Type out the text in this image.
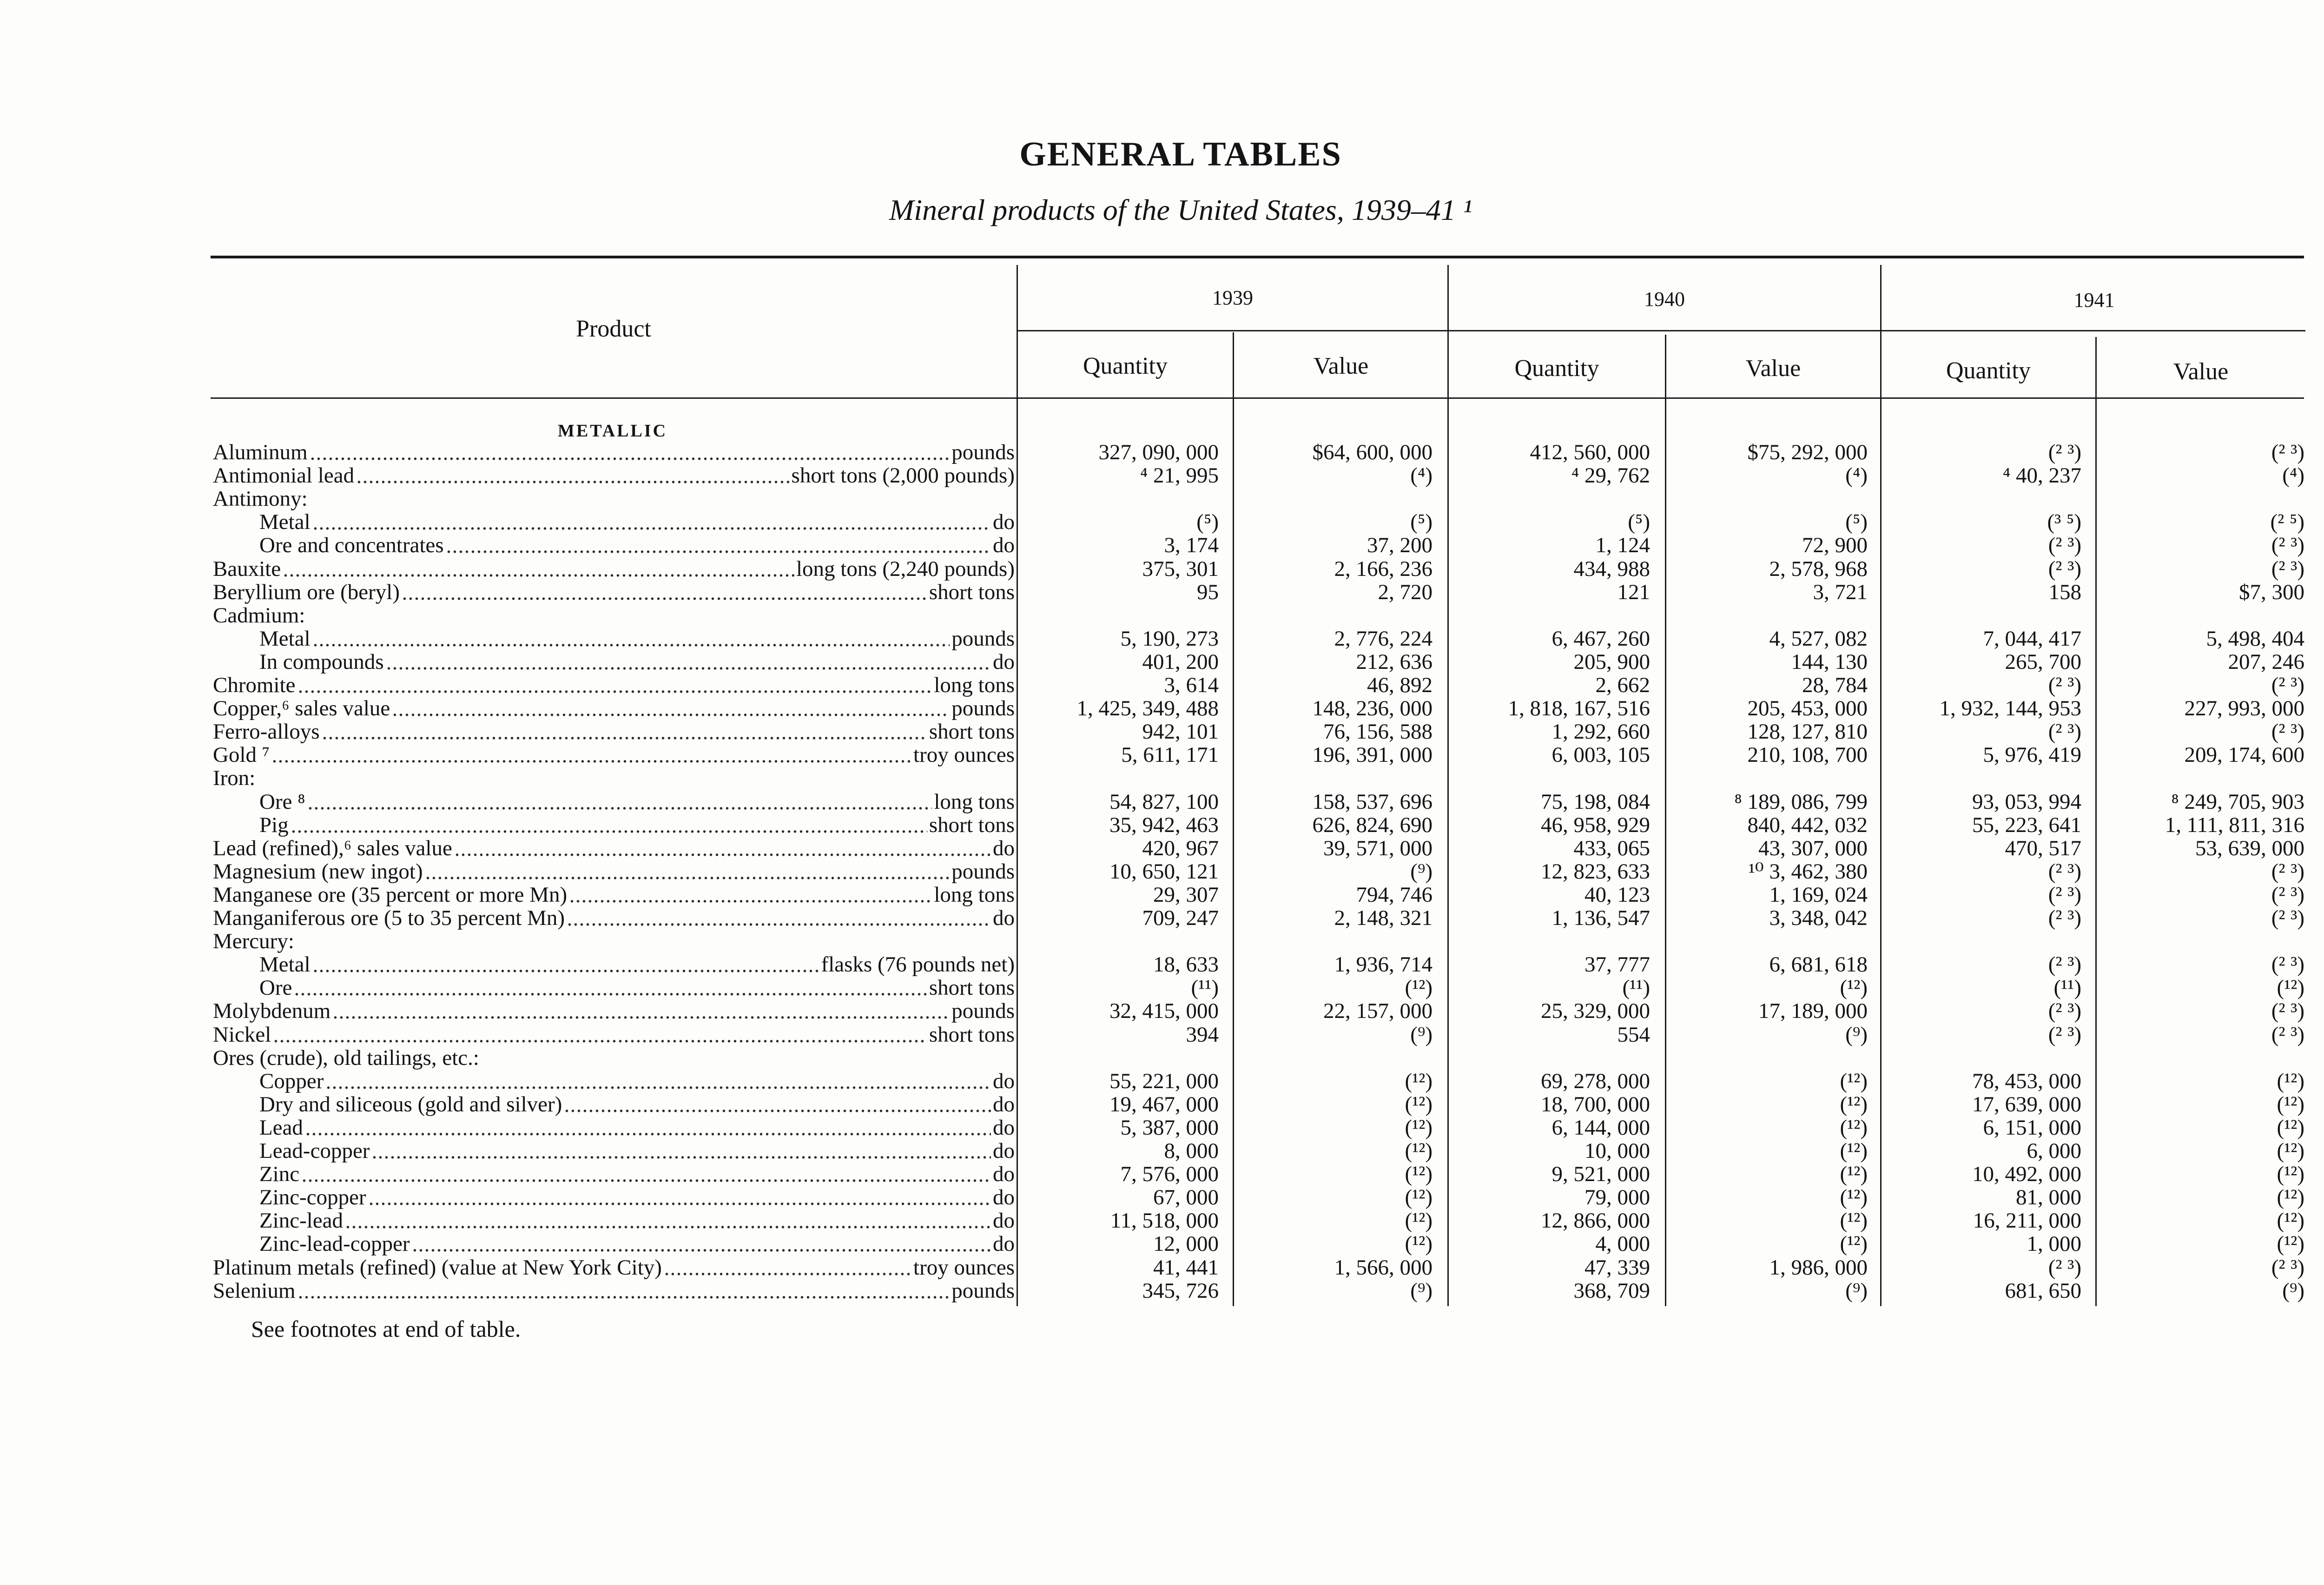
GENERAL TABLES
Mineral products of the United States, 1939–41 ¹
Product
1939	1940	1941
Quantity	Value	Quantity	Value	Quantity	Value
METALLIC
Aluminum	pounds	327, 090, 000	$64, 600, 000	412, 560, 000	$75, 292, 000	(² ³)	(² ³)
Antimonial lead	short tons (2,000 pounds)	⁴ 21, 995	(⁴)	⁴ 29, 762	(⁴)	⁴ 40, 237	(⁴)
Antimony:
Metal	do	(⁵)	(⁵)	(⁵)	(⁵)	(³ ⁵)	(² ⁵)
Ore and concentrates	do	3, 174	37, 200	1, 124	72, 900	(² ³)	(² ³)
Bauxite	long tons (2,240 pounds)	375, 301	2, 166, 236	434, 988	2, 578, 968	(² ³)	(² ³)
Beryllium ore (beryl)	short tons	95	2, 720	121	3, 721	158	$7, 300
Cadmium:
Metal	pounds	5, 190, 273	2, 776, 224	6, 467, 260	4, 527, 082	7, 044, 417	5, 498, 404
In compounds	do	401, 200	212, 636	205, 900	144, 130	265, 700	207, 246
Chromite	long tons	3, 614	46, 892	2, 662	28, 784	(² ³)	(² ³)
Copper,⁶ sales value	pounds	1, 425, 349, 488	148, 236, 000	1, 818, 167, 516	205, 453, 000	1, 932, 144, 953	227, 993, 000
Ferro-alloys	short tons	942, 101	76, 156, 588	1, 292, 660	128, 127, 810	(² ³)	(² ³)
Gold ⁷	troy ounces	5, 611, 171	196, 391, 000	6, 003, 105	210, 108, 700	5, 976, 419	209, 174, 600
Iron:
Ore ⁸	long tons	54, 827, 100	158, 537, 696	75, 198, 084	⁸ 189, 086, 799	93, 053, 994	⁸ 249, 705, 903
Pig	short tons	35, 942, 463	626, 824, 690	46, 958, 929	840, 442, 032	55, 223, 641	1, 111, 811, 316
Lead (refined),⁶ sales value	do	420, 967	39, 571, 000	433, 065	43, 307, 000	470, 517	53, 639, 000
Magnesium (new ingot)	pounds	10, 650, 121	(⁹)	12, 823, 633	¹⁰ 3, 462, 380	(² ³)	(² ³)
Manganese ore (35 percent or more Mn)	long tons	29, 307	794, 746	40, 123	1, 169, 024	(² ³)	(² ³)
Manganiferous ore (5 to 35 percent Mn)	do	709, 247	2, 148, 321	1, 136, 547	3, 348, 042	(² ³)	(² ³)
Mercury:
Metal	flasks (76 pounds net)	18, 633	1, 936, 714	37, 777	6, 681, 618	(² ³)	(² ³)
Ore	short tons	(¹¹)	(¹²)	(¹¹)	(¹²)	(¹¹)	(¹²)
Molybdenum	pounds	32, 415, 000	22, 157, 000	25, 329, 000	17, 189, 000	(² ³)	(² ³)
Nickel	short tons	394	(⁹)	554	(⁹)	(² ³)	(² ³)
Ores (crude), old tailings, etc.:
Copper	do	55, 221, 000	(¹²)	69, 278, 000	(¹²)	78, 453, 000	(¹²)
Dry and siliceous (gold and silver)	do	19, 467, 000	(¹²)	18, 700, 000	(¹²)	17, 639, 000	(¹²)
Lead	do	5, 387, 000	(¹²)	6, 144, 000	(¹²)	6, 151, 000	(¹²)
Lead-copper	do	8, 000	(¹²)	10, 000	(¹²)	6, 000	(¹²)
Zinc	do	7, 576, 000	(¹²)	9, 521, 000	(¹²)	10, 492, 000	(¹²)
Zinc-copper	do	67, 000	(¹²)	79, 000	(¹²)	81, 000	(¹²)
Zinc-lead	do	11, 518, 000	(¹²)	12, 866, 000	(¹²)	16, 211, 000	(¹²)
Zinc-lead-copper	do	12, 000	(¹²)	4, 000	(¹²)	1, 000	(¹²)
Platinum metals (refined) (value at New York City)	troy ounces	41, 441	1, 566, 000	47, 339	1, 986, 000	(² ³)	(² ³)
Selenium	pounds	345, 726	(⁹)	368, 709	(⁹)	681, 650	(⁹)
See footnotes at end of table.
